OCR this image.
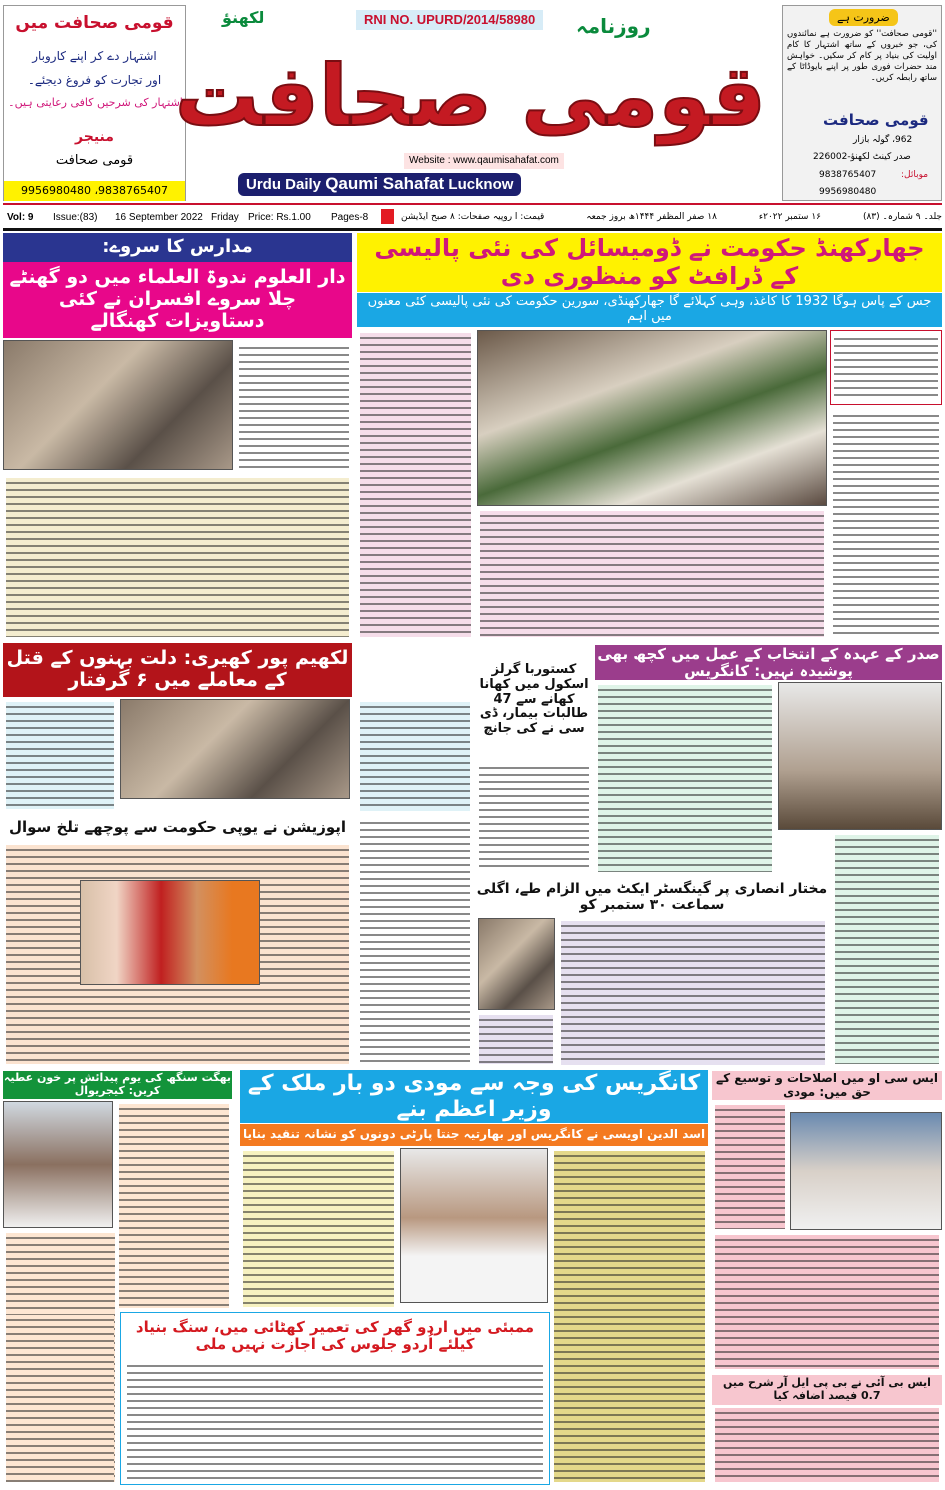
قومی صحافت میں
اشتہار دے کر اپنے کاروبار
اور تجارت کو فروغ دیجئے۔
اشتہار کی شرحیں کافی رعایتی ہیں۔
منیجر
قومی صحافت
9956980480 ،9838765407
RNI NO. UPURD/2014/58980
لکھنؤ	روزنامہ
قومی صحافت
Website : www.qaumisahafat.com
Urdu Daily Qaumi Sahafat Lucknow
ضرورت ہے
''قومی صحافت'' کو ضرورت ہے نمائندوں کی، جو خبروں کے ساتھ اشتہار کا کام اولیت کی بنیاد پر کام کر سکیں۔ خواہش مند حضرات فوری طور پر اپنے بایوڈاٹا کے ساتھ رابطہ کریں۔
قومی صحافت
962، گولہ بازار
صدر کینٹ لکھنؤ-226002
موبائل:
9838765407
9956980480
Vol: 9 Issue:(83) 16 September 2022 Friday Price: Rs.1.00 Pages-8	جلد۔ ۹ شمارہ۔ (۸۳)
۱۶ ستمبر ۲۰۲۲ء
۱۸ صفر المظفر ۱۴۴۴ھ بروز جمعہ
قیمت: ا روپیہ صفحات: ۸ صبح ایڈیشن
مدارس کا سروے:
دار العلوم ندوۃ العلماء میں دو گھنٹے چلا سروے افسران نے کئی دستاویزات کھنگالے
جھارکھنڈ حکومت نے ڈومیسائل کی نئی پالیسی کے ڈرافٹ کو منظوری دی
جس کے پاس ہوگا 1932 کا کاغذ، وہی کہلائے گا جھارکھنڈی، سورین حکومت کی نئی پالیسی کئی معنوں میں اہم
لکھیم پور کھیری: دلت بہنوں کے قتل کے معاملے میں ۶ گرفتار
اپوزیشن نے یوپی حکومت سے پوچھے تلخ سوال
کستوربا گرلز اسکول میں کھانا کھانے سے 47 طالبات بیمار، ڈی سی نے کی جانچ
صدر کے عہدہ کے انتخاب کے عمل میں کچھ بھی پوشیدہ نہیں: کانگریس
مختار انصاری پر گینگسٹر ایکٹ میں الزام طے، اگلی سماعت ۳۰ ستمبر کو
بھگت سنگھ کی یوم پیدائش پر خون عطیہ کریں: کیجریوال	کانگریس کی وجہ سے مودی دو بار ملک کے وزیر اعظم بنے
اسد الدین اویسی نے کانگریس اور بھارتیہ جنتا پارٹی دونوں کو نشانہ تنقید بنایا
ایس سی او میں اصلاحات و توسیع کے حق میں: مودی
ایس بی آئی نے بی پی ایل آر شرح میں 0.7 فیصد اضافہ کیا
ممبئی میں اردو گھر کی تعمیر کھٹائی میں، سنگ بنیاد کیلئے اُردو جلوس کی اجازت نہیں ملی
